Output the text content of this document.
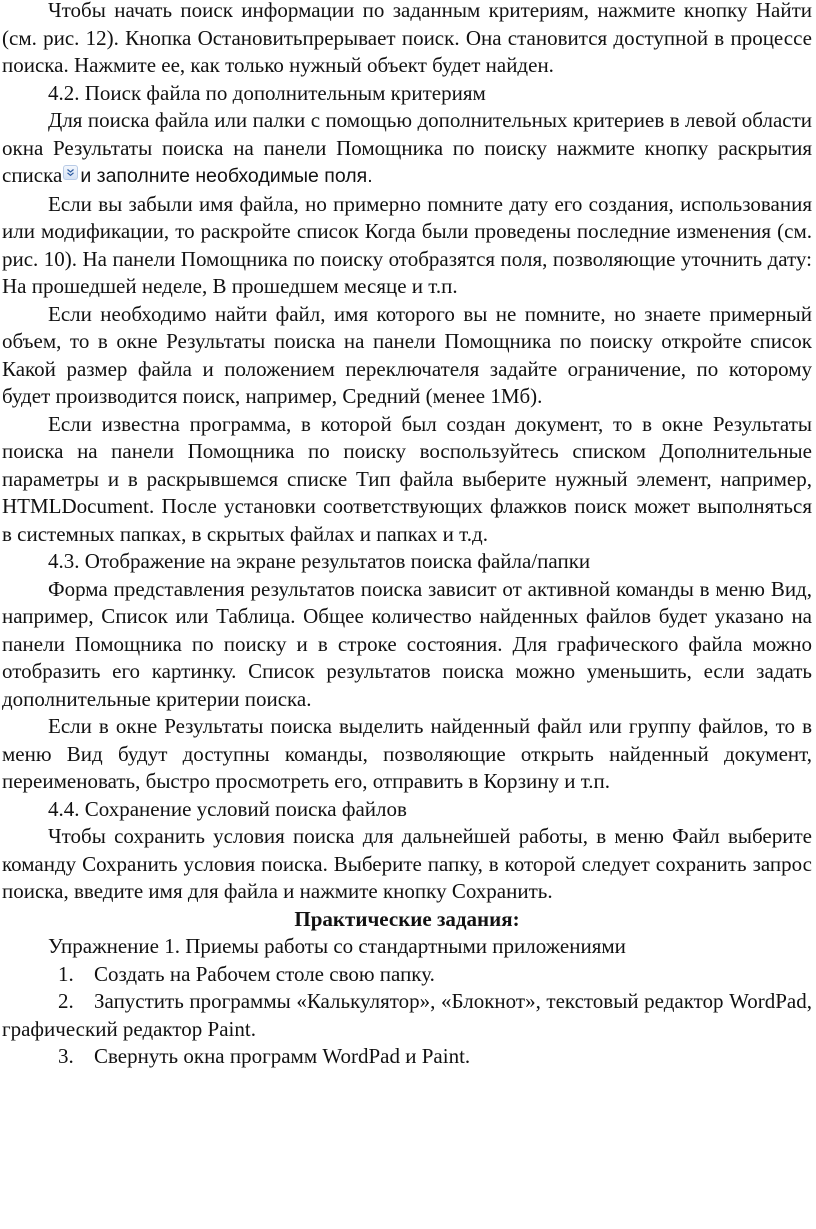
Чтобы начать поиск информации по заданным критериям, нажмите кнопку Найти (см. рис. 12). Кнопка Остановитьпрерывает поиск. Она становится доступной в процессе поиска. Нажмите ее, как только нужный объект будет найден.

4.2. Поиск файла по дополнительным критериям

Для поиска файла или палки с помощью дополнительных критериев в левой области окна Результаты поиска на панели Помощника по поиску нажмите кнопку раскрытия списка и заполните необходимые поля.

Если вы забыли имя файла, но примерно помните дату его создания, использования или модификации, то раскройте список Когда были проведены последние изменения (см. рис. 10). На панели Помощника по поиску отобразятся поля, позволяющие уточнить дату: На прошедшей неделе, В прошедшем месяце и т.п.

Если необходимо найти файл, имя которого вы не помните, но знаете примерный объем, то в окне Результаты поиска на панели Помощника по поиску откройте список Какой размер файла и положением переключателя задайте ограничение, по которому будет производится поиск, например, Средний (менее 1Мб).

Если известна программа, в которой был создан документ, то в окне Результаты поиска на панели Помощника по поиску воспользуйтесь списком Дополнительные параметры и в раскрывшемся списке Тип файла выберите нужный элемент, например, HTMLDocument. После установки соответствующих флажков поиск может выполняться в системных папках, в скрытых файлах и папках и т.д.

4.3. Отображение на экране результатов поиска файла/папки

Форма представления результатов поиска зависит от активной команды в меню Вид, например, Список или Таблица. Общее количество найденных файлов будет указано на панели Помощника по поиску и в строке состояния. Для графического файла можно отобразить его картинку. Список результатов поиска можно уменьшить, если задать дополнительные критерии поиска.

Если в окне Результаты поиска выделить найденный файл или группу файлов, то в меню Вид будут доступны команды, позволяющие открыть найденный документ, переименовать, быстро просмотреть его, отправить в Корзину и т.п.

4.4. Сохранение условий поиска файлов

Чтобы сохранить условия поиска для дальнейшей работы, в меню Файл выберите команду Сохранить условия поиска. Выберите папку, в которой следует сохранить запрос поиска, введите имя для файла и нажмите кнопку Сохранить.

Практические задания:

Упражнение 1. Приемы работы со стандартными приложениями

1. Создать на Рабочем столе свою папку.

2. Запустить программы «Калькулятор», «Блокнот», текстовый редактор WordPad, графический редактор Paint.

3. Свернуть окна программ WordPad и Paint.
